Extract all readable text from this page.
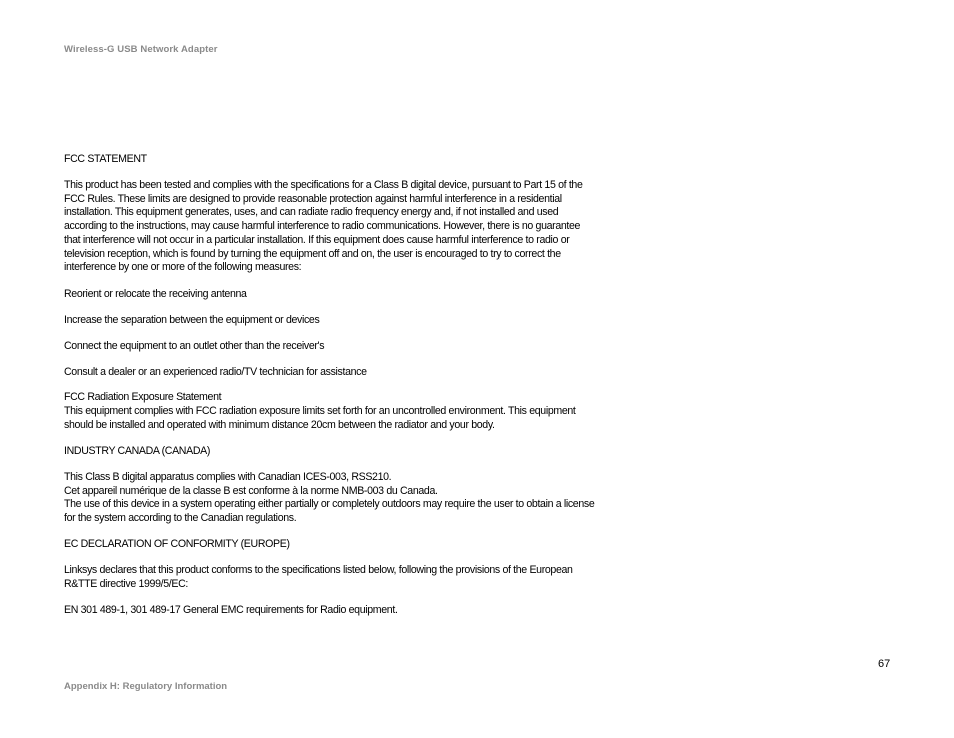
Wireless-G USB Network Adapter
FCC STATEMENT
This product has been tested and complies with the specifications for a Class B digital device, pursuant to Part 15 of the
FCC Rules. These limits are designed to provide reasonable protection against harmful interference in a residential
installation. This equipment generates, uses, and can radiate radio frequency energy and, if not installed and used
according to the instructions, may cause harmful interference to radio communications. However, there is no guarantee
that interference will not occur in a particular installation. If this equipment does cause harmful interference to radio or
television reception, which is found by turning the equipment off and on, the user is encouraged to try to correct the
interference by one or more of the following measures:
Reorient or relocate the receiving antenna
Increase the separation between the equipment or devices
Connect the equipment to an outlet other than the receiver's
Consult a dealer or an experienced radio/TV technician for assistance
FCC Radiation Exposure Statement
This equipment complies with FCC radiation exposure limits set forth for an uncontrolled environment. This equipment
should be installed and operated with minimum distance 20cm between the radiator and your body.
INDUSTRY CANADA (CANADA)
This Class B digital apparatus complies with Canadian ICES-003, RSS210.
Cet appareil numérique de la classe B est conforme à la norme NMB-003 du Canada.
The use of this device in a system operating either partially or completely outdoors may require the user to obtain a license
for the system according to the Canadian regulations.
EC DECLARATION OF CONFORMITY (EUROPE)
Linksys declares that this product conforms to the specifications listed below, following the provisions of the European
R&TTE directive 1999/5/EC:
EN 301 489-1, 301 489-17 General EMC requirements for Radio equipment.
67
Appendix H: Regulatory Information
